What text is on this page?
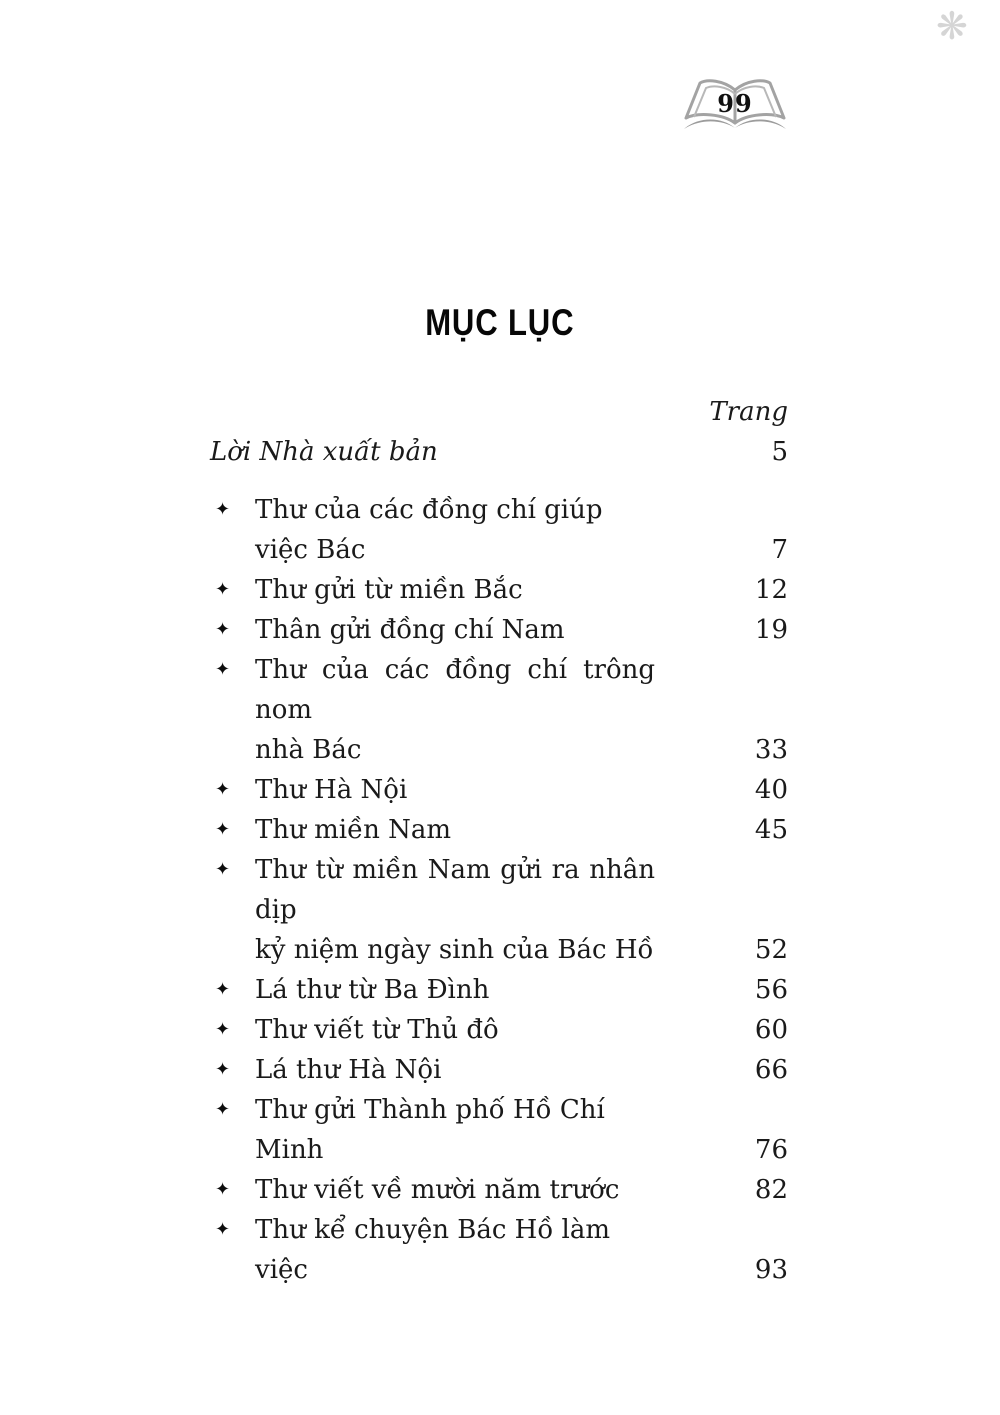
❋
99
MỤC LỤC
Trang
Lời Nhà xuất bản	5
✦ Thư của các đồng chí giúp việc Bác	7
✦ Thư gửi từ miền Bắc	12
✦ Thân gửi đồng chí Nam	19
✦ Thư của các đồng chí trông nom
nhà Bác	33
✦ Thư Hà Nội	40
✦ Thư miền Nam	45
✦ Thư từ miền Nam gửi ra nhân dịp
kỷ niệm ngày sinh của Bác Hồ	52
✦ Lá thư từ Ba Đình	56
✦ Thư viết từ Thủ đô	60
✦ Lá thư Hà Nội	66
✦ Thư gửi Thành phố Hồ Chí Minh	76
✦ Thư viết về mười năm trước	82
✦ Thư kể chuyện Bác Hồ làm việc	93
